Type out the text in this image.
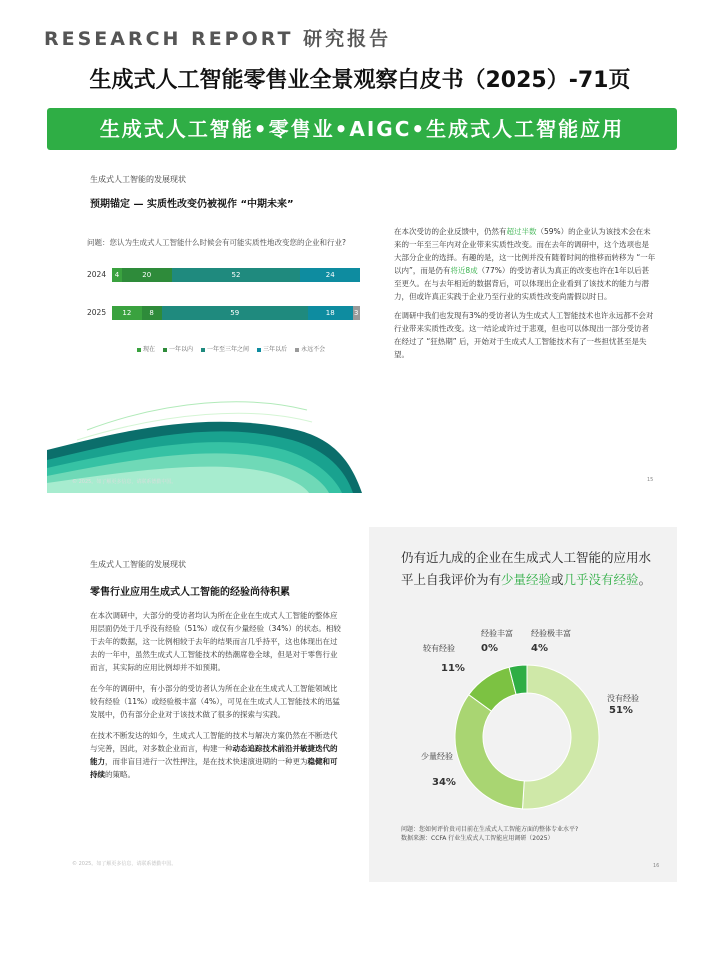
RESEARCH REPORT 研究报告
生成式人工智能零售业全景观察白皮书（2025）-71页
生成式人工智能•零售业•AIGC•生成式人工智能应用
生成式人工智能的发展现状
预期锚定 — 实质性改变仍被视作 “中期未来”
问题：您认为生成式人工智能什么时候会有可能实质性地改变您的企业和行业?
2024	4	20	52	24
2025	12	8	59	18	3
现在	一年以内	一年至三年之间	三年以后	永远不会
© 2025。如了解更多信息，请联系德勤中国。

在本次受访的企业反馈中，仍然有超过半数（59%）的企业认为该技术会在未来的一年至三年内对企业带来实质性改变。而在去年的调研中，这个选项也是大部分企业的选择。有趣的是，这一比例并没有随着时间的推移而转移为 “一年以内”，而是仍有将近8成（77%）的受访者认为真正的改变也许在1年以后甚至更久。在与去年相近的数据背后，可以体现出企业看到了该技术的能力与潜力，但或许真正实践于企业乃至行业的实质性改变尚需假以时日。

在调研中我们也发现有3%的受访者认为生成式人工智能技术也许永远都不会对行业带来实质性改变。这一结论或许过于悲观，但也可以体现出一部分受访者在经过了 “狂热期” 后，开始对于生成式人工智能技术有了一些担忧甚至是失望。

15
生成式人工智能的发展现状
零售行业应用生成式人工智能的经验尚待积累

在本次调研中，大部分的受访者均认为所在企业在生成式人工智能的整体应用层面仍处于几乎没有经验（51%）或仅有少量经验（34%）的状态。相较于去年的数据，这一比例相较于去年的结果而言几乎持平，这也体现出在过去的一年中，虽然生成式人工智能技术的热潮席卷全球，但是对于零售行业而言，其实际的应用比例却并不如预期。

在今年的调研中，有小部分的受访者认为所在企业在生成式人工智能领域比较有经验（11%）或经验极丰富（4%），可见在生成式人工智能技术的迅猛发展中，仍有部分企业对于该技术做了很多的探索与实践。

在技术不断发达的如今，生成式人工智能的技术与解决方案仍然在不断迭代与完善，因此，对多数企业而言，构建一种动态追踪技术前沿并敏捷迭代的能力，而非盲目进行一次性押注，是在技术快速演进期的一种更为稳健和可持续的策略。

© 2025。如了解更多信息，请联系德勤中国。
仍有近九成的企业在生成式人工智能的应用水平上自我评价为有少量经验或几乎没有经验。
没有经验
51%
少量经验
34%
较有经验
11%
经验丰富
0%
经验极丰富
4%
问题：您如何评价贵司目前在生成式人工智能方面的整体专业水平?
数据来源：CCFA 行业生成式人工智能应用调研（2025）
16
